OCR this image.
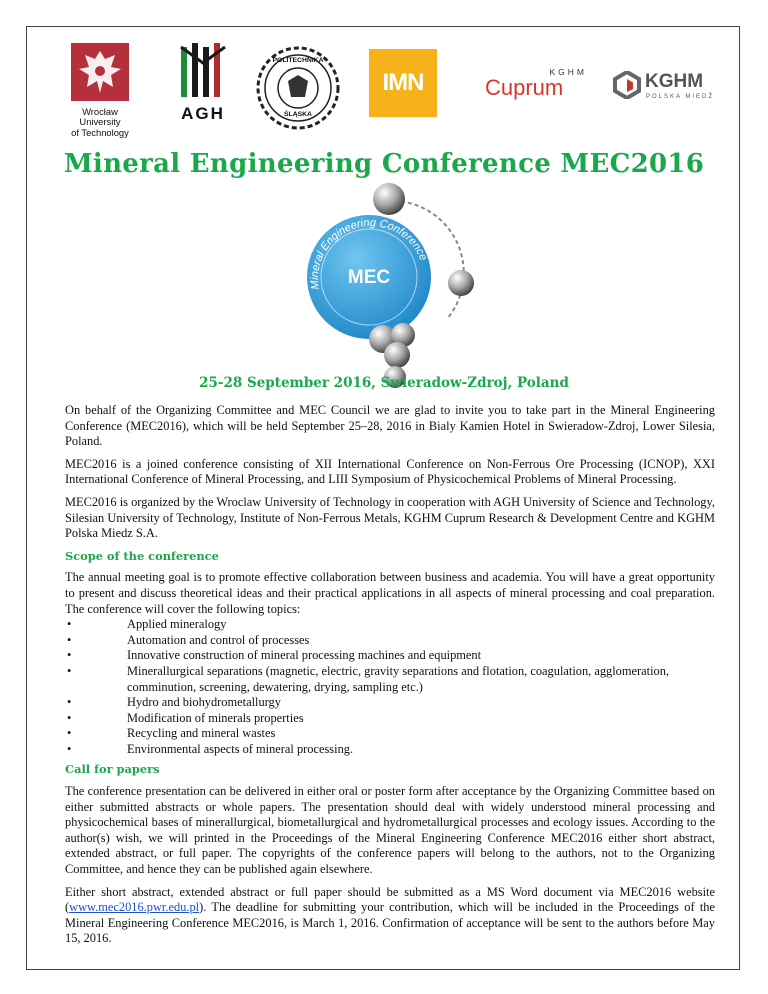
Wrocław
University
of Technology
AGH
POLITECHNIKA
ŚLĄSKA
IMN	KGHM
Cuprum	KGHM
POLSKA MIEDŹ
Mineral Engineering Conference MEC2016
Mineral Engineering Conference
MEC
25-28 September 2016, Swieradow-Zdroj, Poland

On behalf of the Organizing Committee and MEC Council we are glad to invite you to take part in the Mineral Engineering Conference (MEC2016), which will be held September 25–28, 2016 in Bialy Kamien Hotel in Swieradow-Zdroj, Lower Silesia, Poland.

MEC2016 is a joined conference consisting of XII International Conference on Non-Ferrous Ore Processing (ICNOP), XXI International Conference of Mineral Processing, and LIII Symposium of Physicochemical Problems of Mineral Processing.

MEC2016 is organized by the Wroclaw University of Technology in cooperation with AGH University of Science and Technology, Silesian University of Technology, Institute of Non-Ferrous Metals, KGHM Cuprum Research & Development Centre and KGHM Polska Miedz S.A.

Scope of the conference

The annual meeting goal is to promote effective collaboration between business and academia. You will have a great opportunity to present and discuss theoretical ideas and their practical applications in all aspects of mineral processing and coal preparation. The conference will cover the following topics:

•	Applied mineralogy
•	Automation and control of processes
•	Innovative construction of mineral processing machines and equipment
•	Minerallurgical separations (magnetic, electric, gravity separations and flotation, coagulation, agglomeration, comminution, screening, dewatering, drying, sampling etc.)
•	Hydro and biohydrometallurgy
•	Modification of minerals properties
•	Recycling and mineral wastes
•	Environmental aspects of mineral processing.
Call for papers

The conference presentation can be delivered in either oral or poster form after acceptance by the Organizing Committee based on either submitted abstracts or whole papers. The presentation should deal with widely understood mineral processing and physicochemical bases of minerallurgical, biometallurgical and hydrometallurgical processes and ecology issues. According to the author(s) wish, we will printed in the Proceedings of the Mineral Engineering Conference MEC2016 either short abstract, extended abstract, or full paper. The copyrights of the conference papers will belong to the authors, not to the Organizing Committee, and hence they can be published again elsewhere.

Either short abstract, extended abstract or full paper should be submitted as a MS Word document via MEC2016 website (www.mec2016.pwr.edu.pl). The deadline for submitting your contribution, which will be included in the Proceedings of the Mineral Engineering Conference MEC2016, is March 1, 2016. Confirmation of acceptance will be sent to the authors before May 15, 2016.
